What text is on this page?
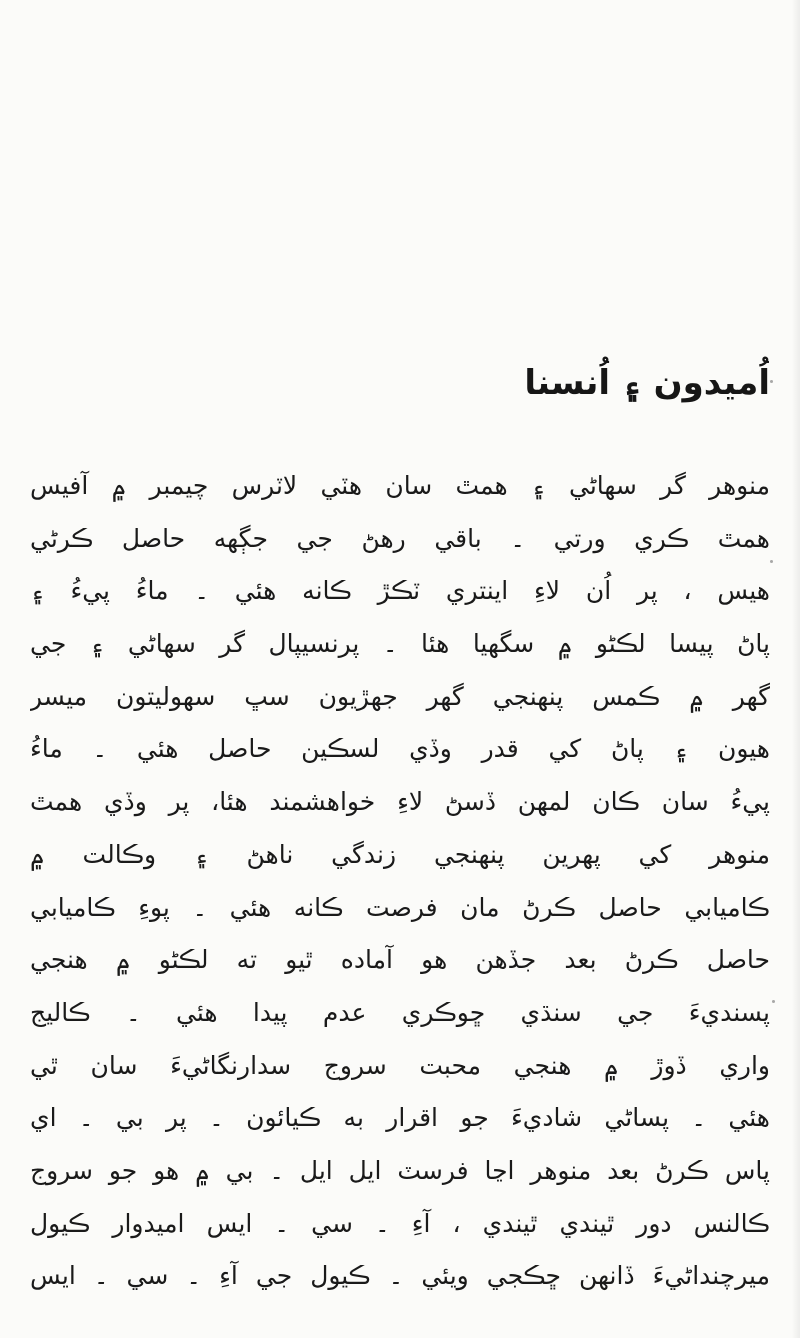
اُميدون ۽ اُنسنا
منوهر گر سهاڻي ۽ همٿ سان هٽي لاٽرس چيمبر ۾ آفيس
همٿ ڪري ورتي ۔ باقي رهڻ جي جڳهه حاصل ڪرڻي
هيس ، پر اُن لاءِ اينتري ٽڪڙ ڪانه هئي ۔ ماءُ پيءُ ۽
پاڻ پيسا لڪڻو ۾ سگهيا هئا ۔ پرنسيپال گر سهاڻي ۽ جي
گهر ۾ ڪمس پنهنجي گهر جهڙيون سڀ سهوليتون ميسر
هيون ۽ پاڻ کي قدر وڏي لسڪين حاصل هئي ۔ ماءُ
پيءُ سان ڪان لمهن ڏسڻ لاءِ خواهشمند هئا، پر وڏي همٿ
منوهر کي پهرين پنهنجي زندگي ناهڻ ۽ وڪالت ۾
ڪاميابي حاصل ڪرڻ مان فرصت ڪانه هئي ۔ پوءِ ڪاميابي
حاصل ڪرڻ بعد جڏهن هو آماده ٿيو ته لڪڻو ۾ هنجي
پسنديءَ جي سنڌي ڇوڪري عدم پيدا هئي ۔ ڪاليج
واري ڏوڙ ۾ هنجي محبت سروج سدارنگاڻيءَ سان ٿي
هئي ۔ پساڻي شاديءَ جو اقرار به ڪيائون ۔ پر بي ۔ اي
پاس ڪرڻ بعد منوهر اڃا فرسٽ ايل ايل ۔ بي ۾ هو جو سروج
ڪالنس دور ٿيندي ٿيندي ، آءِ ۔ سي ۔ ايس اميدوار ڪيول
ميرچنداڻيءَ ڏانهن ڇڪجي ويئي ۔ ڪيول جي آءِ ۔ سي ۔ ايس
